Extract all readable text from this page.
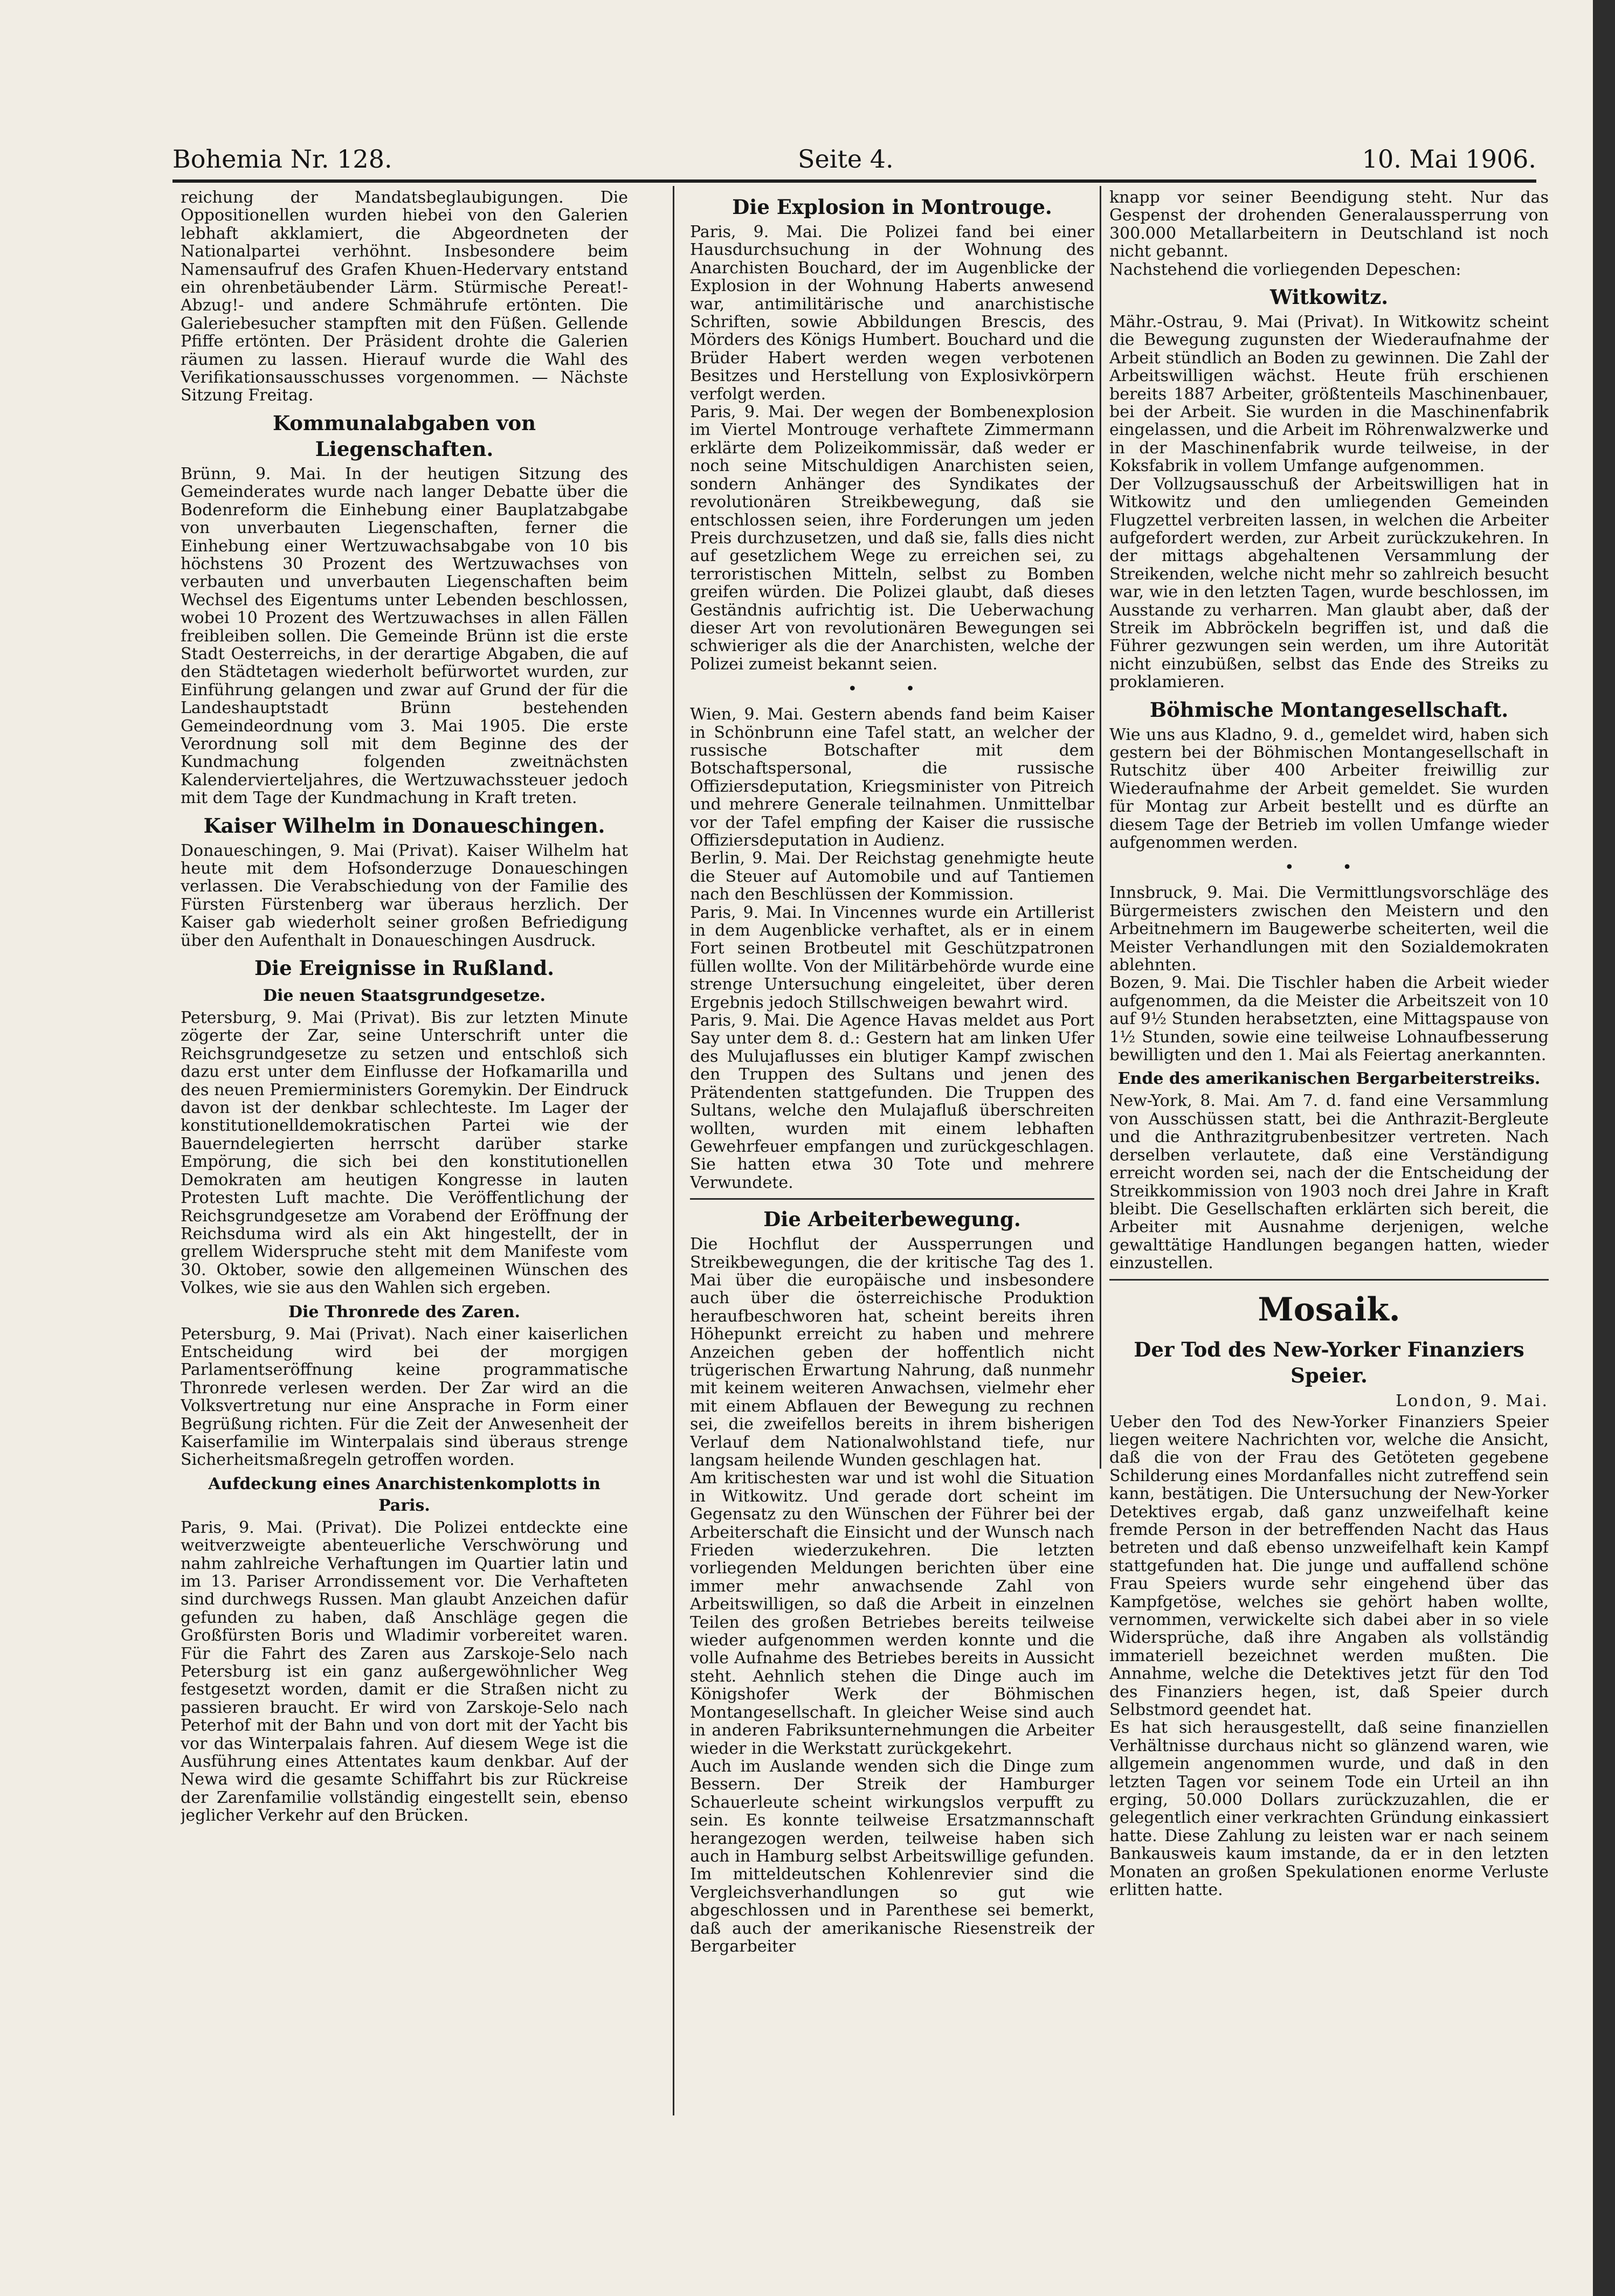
Bohemia Nr. 128.	Seite 4.	10. Mai 1906.

reichung der Mandatsbeglaubigungen. Die Oppositionellen wurden hiebei von den Galerien lebhaft akklamiert, die Abgeordneten der Nationalpartei verhöhnt. Insbesondere beim Namensaufruf des Grafen Khuen-Hedervary entstand ein ohrenbetäubender Lärm. Stürmische Pereat!- Abzug!- und andere Schmährufe ertönten. Die Galeriebesucher stampften mit den Füßen. Gellende Pfiffe ertönten. Der Präsident drohte die Galerien räumen zu lassen. Hierauf wurde die Wahl des Verifikationsausschusses vorgenommen. — Nächste Sitzung Freitag.

Kommunalabgaben von Liegenschaften.

Brünn, 9. Mai. In der heutigen Sitzung des Gemeinderates wurde nach langer Debatte über die Bodenreform die Einhebung einer Bauplatzabgabe von unverbauten Liegenschaften, ferner die Einhebung einer Wertzuwachsabgabe von 10 bis höchstens 30 Prozent des Wertzuwachses von verbauten und unverbauten Liegenschaften beim Wechsel des Eigentums unter Lebenden beschlossen, wobei 10 Prozent des Wertzuwachses in allen Fällen freibleiben sollen. Die Gemeinde Brünn ist die erste Stadt Oesterreichs, in der derartige Abgaben, die auf den Städtetagen wiederholt befürwortet wurden, zur Einführung gelangen und zwar auf Grund der für die Landeshauptstadt Brünn bestehenden Gemeindeordnung vom 3. Mai 1905. Die erste Verordnung soll mit dem Beginne des der Kundmachung folgenden zweitnächsten Kalendervierteljahres, die Wertzuwachssteuer jedoch mit dem Tage der Kundmachung in Kraft treten.

Kaiser Wilhelm in Donaueschingen.

Donaueschingen, 9. Mai (Privat). Kaiser Wilhelm hat heute mit dem Hofsonderzuge Donaueschingen verlassen. Die Verabschiedung von der Familie des Fürsten Fürstenberg war überaus herzlich. Der Kaiser gab wiederholt seiner großen Befriedigung über den Aufenthalt in Donaueschingen Ausdruck.

Die Ereignisse in Rußland.
Die neuen Staatsgrundgesetze.

Petersburg, 9. Mai (Privat). Bis zur letzten Minute zögerte der Zar, seine Unterschrift unter die Reichsgrundgesetze zu setzen und entschloß sich dazu erst unter dem Einflusse der Hofkamarilla und des neuen Premierministers Goremykin. Der Eindruck davon ist der denkbar schlechteste. Im Lager der konstitutionelldemokratischen Partei wie der Bauerndelegierten herrscht darüber starke Empörung, die sich bei den konstitutionellen Demokraten am heutigen Kongresse in lauten Protesten Luft machte. Die Veröffentlichung der Reichsgrundgesetze am Vorabend der Eröffnung der Reichsduma wird als ein Akt hingestellt, der in grellem Widerspruche steht mit dem Manifeste vom 30. Oktober, sowie den allgemeinen Wünschen des Volkes, wie sie aus den Wahlen sich ergeben.

Die Thronrede des Zaren.

Petersburg, 9. Mai (Privat). Nach einer kaiserlichen Entscheidung wird bei der morgigen Parlamentseröffnung keine programmatische Thronrede verlesen werden. Der Zar wird an die Volksvertretung nur eine Ansprache in Form einer Begrüßung richten. Für die Zeit der Anwesenheit der Kaiserfamilie im Winterpalais sind überaus strenge Sicherheitsmaßregeln getroffen worden.

Aufdeckung eines Anarchistenkomplotts in Paris.

Paris, 9. Mai. (Privat). Die Polizei entdeckte eine weitverzweigte abenteuerliche Verschwörung und nahm zahlreiche Verhaftungen im Quartier latin und im 13. Pariser Arrondissement vor. Die Verhafteten sind durchwegs Russen. Man glaubt Anzeichen dafür gefunden zu haben, daß Anschläge gegen die Großfürsten Boris und Wladimir vorbereitet waren. Für die Fahrt des Zaren aus Zarskoje-Selo nach Petersburg ist ein ganz außergewöhnlicher Weg festgesetzt worden, damit er die Straßen nicht zu passieren braucht. Er wird von Zarskoje-Selo nach Peterhof mit der Bahn und von dort mit der Yacht bis vor das Winterpalais fahren. Auf diesem Wege ist die Ausführung eines Attentates kaum denkbar. Auf der Newa wird die gesamte Schiffahrt bis zur Rückreise der Zarenfamilie vollständig eingestellt sein, ebenso jeglicher Verkehr auf den Brücken.

Die Explosion in Montrouge.

Paris, 9. Mai. Die Polizei fand bei einer Hausdurchsuchung in der Wohnung des Anarchisten Bouchard, der im Augenblicke der Explosion in der Wohnung Haberts anwesend war, antimilitärische und anarchistische Schriften, sowie Abbildungen Brescis, des Mörders des Königs Humbert. Bouchard und die Brüder Habert werden wegen verbotenen Besitzes und Herstellung von Explosivkörpern verfolgt werden.

Paris, 9. Mai. Der wegen der Bombenexplosion im Viertel Montrouge verhaftete Zimmermann erklärte dem Polizeikommissär, daß weder er noch seine Mitschuldigen Anarchisten seien, sondern Anhänger des Syndikates der revolutionären Streikbewegung, daß sie entschlossen seien, ihre Forderungen um jeden Preis durchzusetzen, und daß sie, falls dies nicht auf gesetzlichem Wege zu erreichen sei, zu terroristischen Mitteln, selbst zu Bomben greifen würden. Die Polizei glaubt, daß dieses Geständnis aufrichtig ist. Die Ueberwachung dieser Art von revolutionären Bewegungen sei schwieriger als die der Anarchisten, welche der Polizei zumeist bekannt seien.

• •

Wien, 9. Mai. Gestern abends fand beim Kaiser in Schönbrunn eine Tafel statt, an welcher der russische Botschafter mit dem Botschaftspersonal, die russische Offiziersdeputation, Kriegsminister von Pitreich und mehrere Generale teilnahmen. Unmittelbar vor der Tafel empfing der Kaiser die russische Offiziersdeputation in Audienz.

Berlin, 9. Mai. Der Reichstag genehmigte heute die Steuer auf Automobile und auf Tantiemen nach den Beschlüssen der Kommission.

Paris, 9. Mai. In Vincennes wurde ein Artillerist in dem Augenblicke verhaftet, als er in einem Fort seinen Brotbeutel mit Geschützpatronen füllen wollte. Von der Militärbehörde wurde eine strenge Untersuchung eingeleitet, über deren Ergebnis jedoch Stillschweigen bewahrt wird.

Paris, 9. Mai. Die Agence Havas meldet aus Port Say unter dem 8. d.: Gestern hat am linken Ufer des Mulujaflusses ein blutiger Kampf zwischen den Truppen des Sultans und jenen des Prätendenten stattgefunden. Die Truppen des Sultans, welche den Mulajafluß überschreiten wollten, wurden mit einem lebhaften Gewehrfeuer empfangen und zurückgeschlagen. Sie hatten etwa 30 Tote und mehrere Verwundete.

Die Arbeiterbewegung.

Die Hochflut der Aussperrungen und Streikbewegungen, die der kritische Tag des 1. Mai über die europäische und insbesondere auch über die österreichische Produktion heraufbeschworen hat, scheint bereits ihren Höhepunkt erreicht zu haben und mehrere Anzeichen geben der hoffentlich nicht trügerischen Erwartung Nahrung, daß nunmehr mit keinem weiteren Anwachsen, vielmehr eher mit einem Abflauen der Bewegung zu rechnen sei, die zweifellos bereits in ihrem bisherigen Verlauf dem Nationalwohlstand tiefe, nur langsam heilende Wunden geschlagen hat.

Am kritischesten war und ist wohl die Situation in Witkowitz. Und gerade dort scheint im Gegensatz zu den Wünschen der Führer bei der Arbeiterschaft die Einsicht und der Wunsch nach Frieden wiederzukehren. Die letzten vorliegenden Meldungen berichten über eine immer mehr anwachsende Zahl von Arbeitswilligen, so daß die Arbeit in einzelnen Teilen des großen Betriebes bereits teilweise wieder aufgenommen werden konnte und die volle Aufnahme des Betriebes bereits in Aussicht steht. Aehnlich stehen die Dinge auch im Königshofer Werk der Böhmischen Montangesellschaft. In gleicher Weise sind auch in anderen Fabriksunternehmungen die Arbeiter wieder in die Werkstatt zurückgekehrt.

Auch im Auslande wenden sich die Dinge zum Bessern. Der Streik der Hamburger Schauerleute scheint wirkungslos verpufft zu sein. Es konnte teilweise Ersatzmannschaft herangezogen werden, teilweise haben sich auch in Hamburg selbst Arbeitswillige gefunden. Im mitteldeutschen Kohlenrevier sind die Vergleichsverhandlungen so gut wie abgeschlossen und in Parenthese sei bemerkt, daß auch der amerikanische Riesenstreik der Bergarbeiter

knapp vor seiner Beendigung steht. Nur das Gespenst der drohenden Generalaussperrung von 300.000 Metallarbeitern in Deutschland ist noch nicht gebannt.

Nachstehend die vorliegenden Depeschen:

Witkowitz.

Mähr.-Ostrau, 9. Mai (Privat). In Witkowitz scheint die Bewegung zugunsten der Wiederaufnahme der Arbeit stündlich an Boden zu gewinnen. Die Zahl der Arbeitswilligen wächst. Heute früh erschienen bereits 1887 Arbeiter, größtenteils Maschinenbauer, bei der Arbeit. Sie wurden in die Maschinenfabrik eingelassen, und die Arbeit im Röhrenwalzwerke und in der Maschinenfabrik wurde teilweise, in der Koksfabrik in vollem Umfange aufgenommen.

Der Vollzugsausschuß der Arbeitswilligen hat in Witkowitz und den umliegenden Gemeinden Flugzettel verbreiten lassen, in welchen die Arbeiter aufgefordert werden, zur Arbeit zurückzukehren. In der mittags abgehaltenen Versammlung der Streikenden, welche nicht mehr so zahlreich besucht war, wie in den letzten Tagen, wurde beschlossen, im Ausstande zu verharren. Man glaubt aber, daß der Streik im Abbröckeln begriffen ist, und daß die Führer gezwungen sein werden, um ihre Autorität nicht einzubüßen, selbst das Ende des Streiks zu proklamieren.

Böhmische Montangesellschaft.

Wie uns aus Kladno, 9. d., gemeldet wird, haben sich gestern bei der Böhmischen Montangesellschaft in Rutschitz über 400 Arbeiter freiwillig zur Wiederaufnahme der Arbeit gemeldet. Sie wurden für Montag zur Arbeit bestellt und es dürfte an diesem Tage der Betrieb im vollen Umfange wieder aufgenommen werden.

• •

Innsbruck, 9. Mai. Die Vermittlungsvorschläge des Bürgermeisters zwischen den Meistern und den Arbeitnehmern im Baugewerbe scheiterten, weil die Meister Verhandlungen mit den Sozialdemokraten ablehnten.

Bozen, 9. Mai. Die Tischler haben die Arbeit wieder aufgenommen, da die Meister die Arbeitszeit von 10 auf 9½ Stunden herabsetzten, eine Mittagspause von 1½ Stunden, sowie eine teilweise Lohnaufbesserung bewilligten und den 1. Mai als Feiertag anerkannten.

Ende des amerikanischen Bergarbeiterstreiks.

New-York, 8. Mai. Am 7. d. fand eine Versammlung von Ausschüssen statt, bei die Anthrazit-Bergleute und die Anthrazitgrubenbesitzer vertreten. Nach derselben verlautete, daß eine Verständigung erreicht worden sei, nach der die Entscheidung der Streikkommission von 1903 noch drei Jahre in Kraft bleibt. Die Gesellschaften erklärten sich bereit, die Arbeiter mit Ausnahme derjenigen, welche gewalttätige Handlungen begangen hatten, wieder einzustellen.

Mosaik.
Der Tod des New-Yorker Finanziers Speier.
London, 9. Mai.

Ueber den Tod des New-Yorker Finanziers Speier liegen weitere Nachrichten vor, welche die Ansicht, daß die von der Frau des Getöteten gegebene Schilderung eines Mordanfalles nicht zutreffend sein kann, bestätigen. Die Untersuchung der New-Yorker Detektives ergab, daß ganz unzweifelhaft keine fremde Person in der betreffenden Nacht das Haus betreten und daß ebenso unzweifelhaft kein Kampf stattgefunden hat. Die junge und auffallend schöne Frau Speiers wurde sehr eingehend über das Kampfgetöse, welches sie gehört haben wollte, vernommen, verwickelte sich dabei aber in so viele Widersprüche, daß ihre Angaben als vollständig immateriell bezeichnet werden mußten. Die Annahme, welche die Detektives jetzt für den Tod des Finanziers hegen, ist, daß Speier durch Selbstmord geendet hat.

Es hat sich herausgestellt, daß seine finanziellen Verhältnisse durchaus nicht so glänzend waren, wie allgemein angenommen wurde, und daß in den letzten Tagen vor seinem Tode ein Urteil an ihn erging, 50.000 Dollars zurückzuzahlen, die er gelegentlich einer verkrachten Gründung einkassiert hatte. Diese Zahlung zu leisten war er nach seinem Bankausweis kaum imstande, da er in den letzten Monaten an großen Spekulationen enorme Verluste erlitten hatte.
